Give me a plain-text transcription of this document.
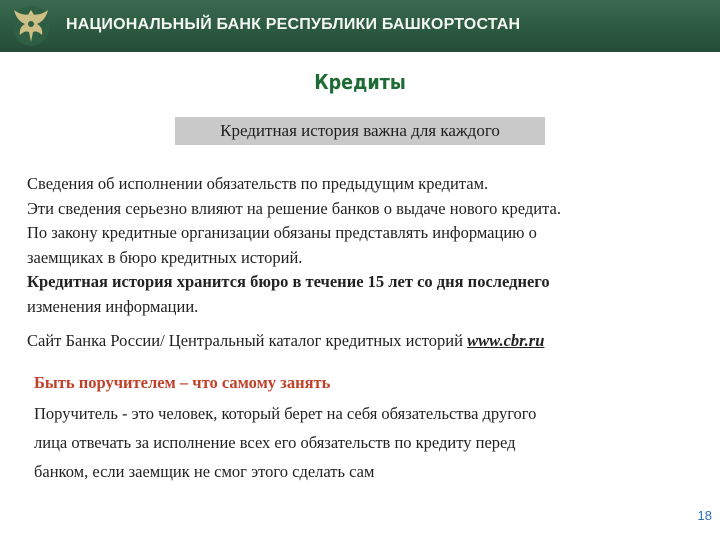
НАЦИОНАЛЬНЫЙ БАНК РЕСПУБЛИКИ БАШКОРТОСТАН
Кредиты
Кредитная история важна для каждого
Сведения об исполнении обязательств по предыдущим кредитам.
Эти сведения серьезно влияют на решение банков о выдаче нового кредита.
По закону кредитные организации обязаны представлять информацию о
заемщиках в бюро кредитных историй.
Кредитная история хранится бюро в течение 15 лет со дня последнего
изменения информации.
Сайт Банка России/ Центральный каталог кредитных историй www.cbr.ru
Быть поручителем – что самому занять
Поручитель - это человек, который берет на себя обязательства другого
лица отвечать за исполнение всех его обязательств по кредиту перед
банком, если заемщик не смог этого сделать сам
18
